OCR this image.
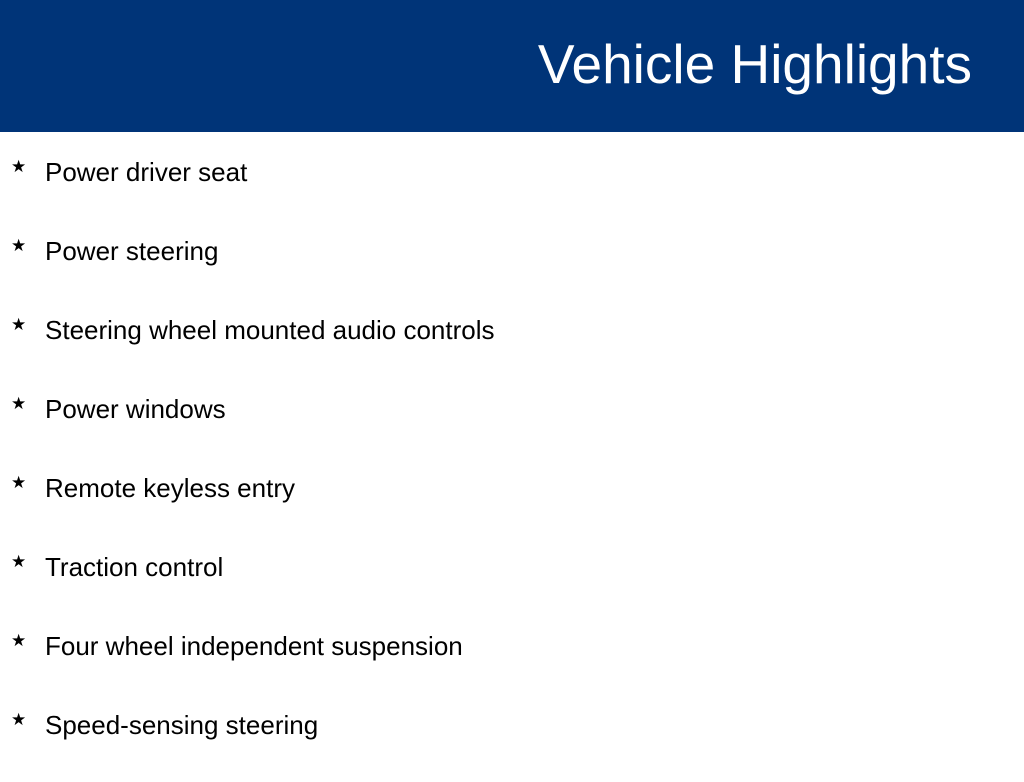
Vehicle Highlights
★ Power driver seat
★ Power steering
★ Steering wheel mounted audio controls
★ Power windows
★ Remote keyless entry
★ Traction control
★ Four wheel independent suspension
★ Speed-sensing steering
